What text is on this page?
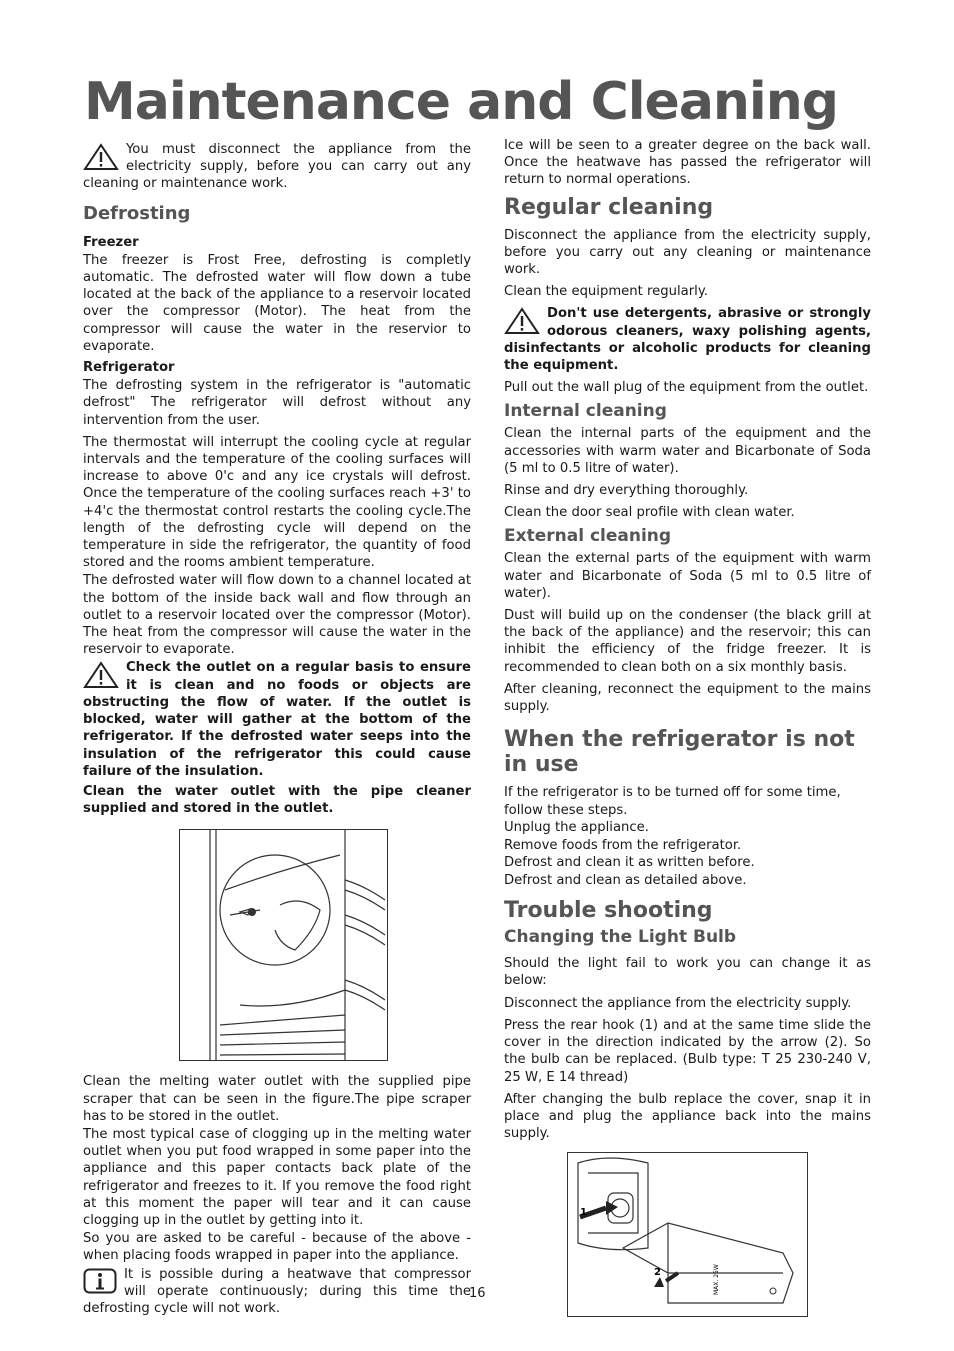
Maintenance and Cleaning

You must disconnect the appliance from the electricity supply, before you can carry out any cleaning or maintenance work.

Defrosting
Freezer

The freezer is Frost Free, defrosting is completly automatic. The defrosted water will flow down a tube located at the back of the appliance to a reservoir located over the compressor (Motor). The heat from the compressor will cause the water in the reservior to evaporate.

Refrigerator

The defrosting system in the refrigerator is "automatic defrost" The refrigerator will defrost without any intervention from the user.

The thermostat will interrupt the cooling cycle at regular intervals and the temperature of the cooling surfaces will increase to above 0'c and any ice crystals will defrost. Once the temperature of the cooling surfaces reach +3' to +4'c the thermostat control restarts the cooling cycle.The length of the defrosting cycle will depend on the temperature in side the refrigerator, the quantity of food stored and the rooms ambient temperature.

The defrosted water will flow down to a channel located at the bottom of the inside back wall and flow through an outlet to a reservoir located over the compressor (Motor). The heat from the compressor will cause the water in the reservoir to evaporate.

Check the outlet on a regular basis to ensure it is clean and no foods or objects are obstructing the flow of water. If the outlet is blocked, water will gather at the bottom of the refrigerator. If the defrosted water seeps into the insulation of the refrigerator this could cause failure of the insulation.

Clean the water outlet with the pipe cleaner supplied and stored in the outlet.

Clean the melting water outlet with the supplied pipe scraper that can be seen in the figure.The pipe scraper has to be stored in the outlet.

The most typical case of clogging up in the melting water outlet when you put food wrapped in some paper into the appliance and this paper contacts back plate of the refrigerator and freezes to it. If you remove the food right at this moment the paper will tear and it can cause clogging up in the outlet by getting into it.

So you are asked to be careful - because of the above - when placing foods wrapped in paper into the appliance.

It is possible during a heatwave that compressor will operate continuously; during this time the defrosting cycle will not work.

Ice will be seen to a greater degree on the back wall. Once the heatwave has passed the refrigerator will return to normal operations.

Regular cleaning

Disconnect the appliance from the electricity supply, before you carry out any cleaning or maintenance work.

Clean the equipment regularly.

Don't use detergents, abrasive or strongly odorous cleaners, waxy polishing agents, disinfectants or alcoholic products for cleaning the equipment.

Pull out the wall plug of the equipment from the outlet.

Internal cleaning

Clean the internal parts of the equipment and the accessories with warm water and Bicarbonate of Soda (5 ml to 0.5 litre of water).

Rinse and dry everything thoroughly.

Clean the door seal profile with clean water.

External cleaning

Clean the external parts of the equipment with warm water and Bicarbonate of Soda (5 ml to 0.5 litre of water).

Dust will build up on the condenser (the black grill at the back of the appliance) and the reservoir; this can inhibit the efficiency of the fridge freezer. It is recommended to clean both on a six monthly basis.

After cleaning, reconnect the equipment to the mains supply.

When the refrigerator is not in use
If the refrigerator is to be turned off for some time, follow these steps.
Unplug the appliance.
Remove foods from the refrigerator.
Defrost and clean it as written before.
Defrost and clean as detailed above.
Trouble shooting
Changing the Light Bulb

Should the light fail to work you can change it as below:

Disconnect the appliance from the electricity supply.

Press the rear hook (1) and at the same time slide the cover in the direction indicated by the arrow (2). So the bulb can be replaced. (Bulb type: T 25 230-240 V, 25 W, E 14 thread)

After changing the bulb replace the cover, snap it in place and plug the appliance back into the mains supply.

1
2	MAX. 25W
16
